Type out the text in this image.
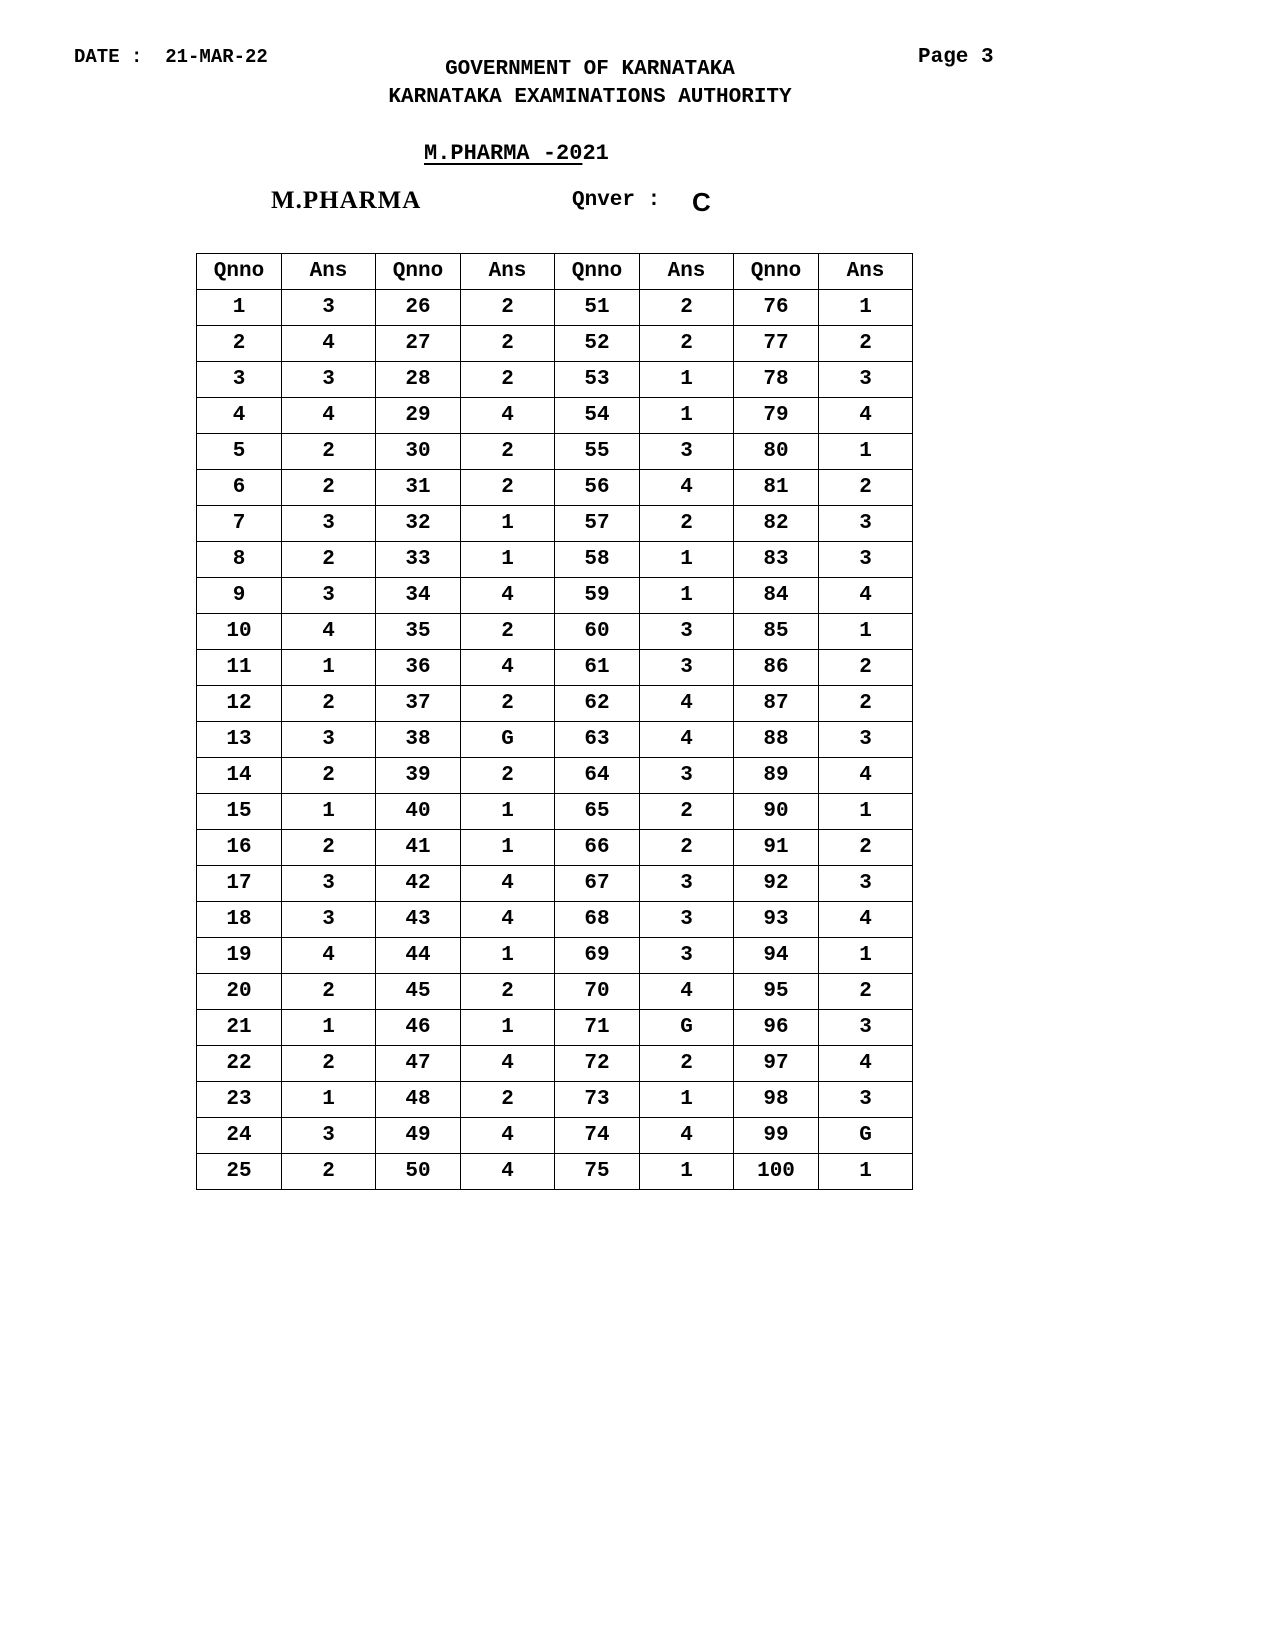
DATE :  21-MAR-22	Page 3
GOVERNMENT OF KARNATAKA
KARNATAKA EXAMINATIONS AUTHORITY
M.PHARMA -2021
M.PHARMA	Qnver : C
Qnno	Ans	Qnno	Ans	Qnno	Ans	Qnno	Ans
1	3	26	2	51	2	76	1
2	4	27	2	52	2	77	2
3	3	28	2	53	1	78	3
4	4	29	4	54	1	79	4
5	2	30	2	55	3	80	1
6	2	31	2	56	4	81	2
7	3	32	1	57	2	82	3
8	2	33	1	58	1	83	3
9	3	34	4	59	1	84	4
10	4	35	2	60	3	85	1
11	1	36	4	61	3	86	2
12	2	37	2	62	4	87	2
13	3	38	G	63	4	88	3
14	2	39	2	64	3	89	4
15	1	40	1	65	2	90	1
16	2	41	1	66	2	91	2
17	3	42	4	67	3	92	3
18	3	43	4	68	3	93	4
19	4	44	1	69	3	94	1
20	2	45	2	70	4	95	2
21	1	46	1	71	G	96	3
22	2	47	4	72	2	97	4
23	1	48	2	73	1	98	3
24	3	49	4	74	4	99	G
25	2	50	4	75	1	100	1
